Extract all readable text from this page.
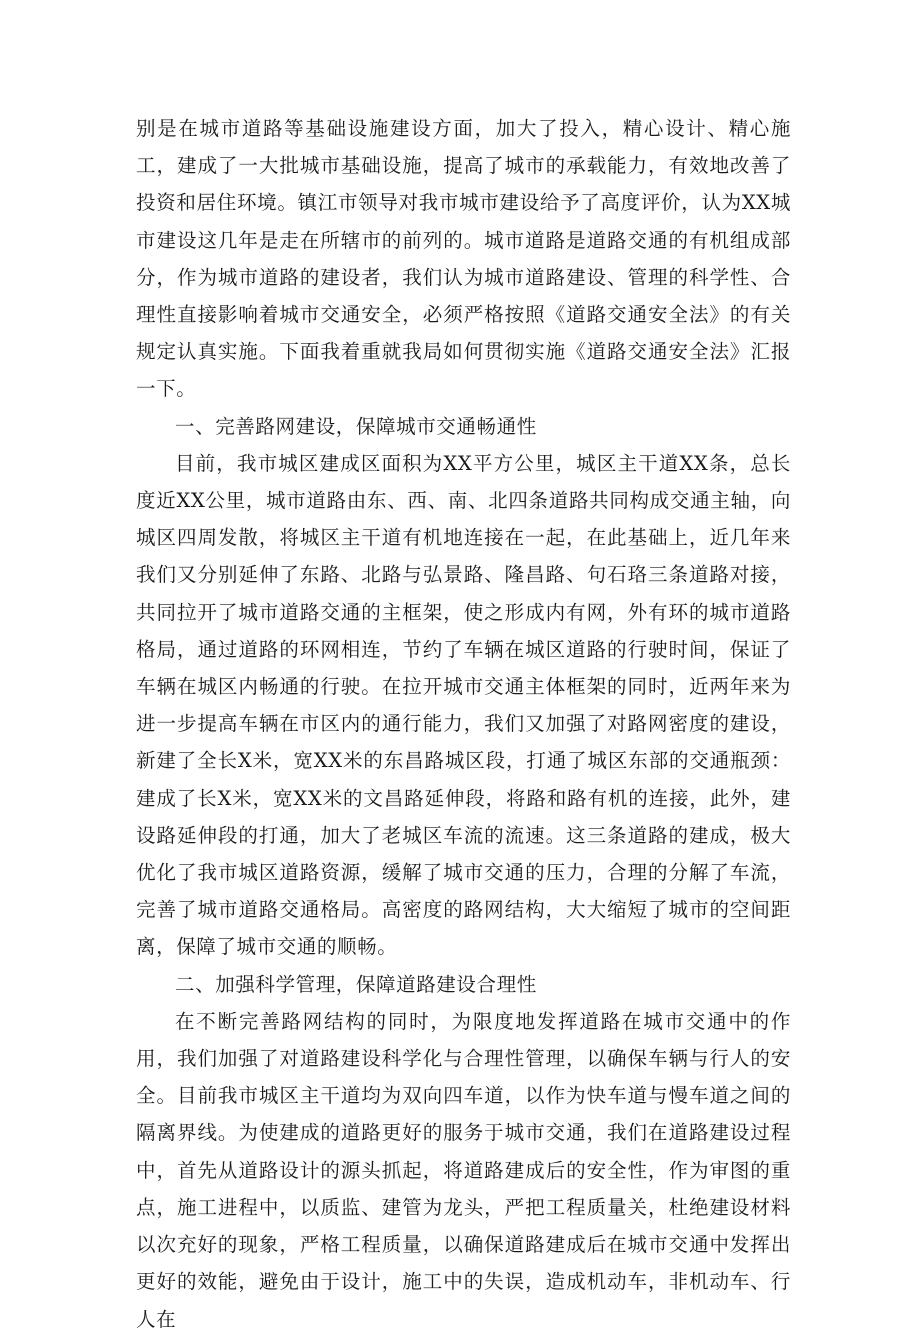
别是在城市道路等基础设施建设方面，加大了投入，精心设计、精心施工，建成了一大批城市基础设施，提高了城市的承载能力，有效地改善了投资和居住环境。镇江市领导对我市城市建设给予了高度评价，认为XX城市建设这几年是走在所辖市的前列的。城市道路是道路交通的有机组成部分，作为城市道路的建设者，我们认为城市道路建设、管理的科学性、合理性直接影响着城市交通安全，必须严格按照《道路交通安全法》的有关规定认真实施。下面我着重就我局如何贯彻实施《道路交通安全法》汇报一下。

一、完善路网建设，保障城市交通畅通性

目前，我市城区建成区面积为XX平方公里，城区主干道XX条，总长度近XX公里，城市道路由东、西、南、北四条道路共同构成交通主轴，向城区四周发散，将城区主干道有机地连接在一起，在此基础上，近几年来我们又分别延伸了东路、北路与弘景路、隆昌路、句石珞三条道路对接，共同拉开了城市道路交通的主框架，使之形成内有网，外有环的城市道路格局，通过道路的环网相连，节约了车辆在城区道路的行驶时间，保证了车辆在城区内畅通的行驶。在拉开城市交通主体框架的同时，近两年来为进一步提高车辆在市区内的通行能力，我们又加强了对路网密度的建设，新建了全长X米，宽XX米的东昌路城区段，打通了城区东部的交通瓶颈：建成了长X米，宽XX米的文昌路延伸段，将路和路有机的连接，此外，建设路延伸段的打通，加大了老城区车流的流速。这三条道路的建成，极大优化了我市城区道路资源，缓解了城市交通的压力，合理的分解了车流，完善了城市道路交通格局。高密度的路网结构，大大缩短了城市的空间距离，保障了城市交通的顺畅。

二、加强科学管理，保障道路建设合理性

在不断完善路网结构的同时，为限度地发挥道路在城市交通中的作用，我们加强了对道路建设科学化与合理性管理，以确保车辆与行人的安全。目前我市城区主干道均为双向四车道，以作为快车道与慢车道之间的隔离界线。为使建成的道路更好的服务于城市交通，我们在道路建设过程中，首先从道路设计的源头抓起，将道路建成后的安全性，作为审图的重点，施工进程中，以质监、建管为龙头，严把工程质量关，杜绝建设材料以次充好的现象，严格工程质量，以确保道路建成后在城市交通中发挥出更好的效能，避免由于设计，施工中的失误，造成机动车，非机动车、行人在
